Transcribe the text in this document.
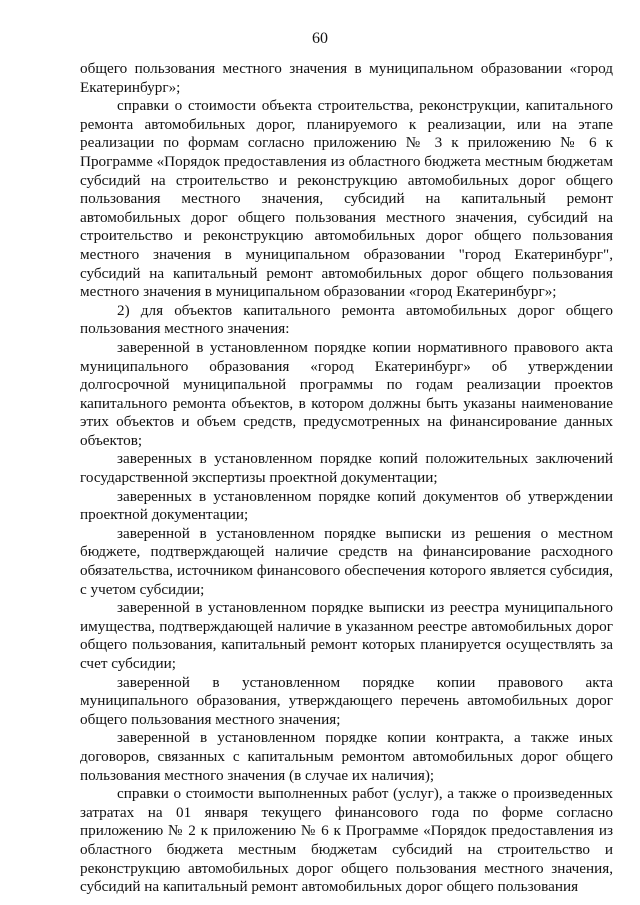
60

общего пользования местного значения в муниципальном образовании «город Екатеринбург»;

справки о стоимости объекта строительства, реконструкции, капитального ремонта автомобильных дорог, планируемого к реализации, или на этапе реализации по формам согласно приложению № 3 к приложению № 6 к Программе «Порядок предоставления из областного бюджета местным бюджетам субсидий на строительство и реконструкцию автомобильных дорог общего пользования местного значения, субсидий на капитальный ремонт автомобильных дорог общего пользования местного значения, субсидий на строительство и реконструкцию автомобильных дорог общего пользования местного значения в муниципальном образовании "город Екатеринбург", субсидий на капитальный ремонт автомобильных дорог общего пользования местного значения в муниципальном образовании «город Екатеринбург»;

2) для объектов капитального ремонта автомобильных дорог общего пользования местного значения:

заверенной в установленном порядке копии нормативного правового акта муниципального образования «город Екатеринбург» об утверждении долгосрочной муниципальной программы по годам реализации проектов капитального ремонта объектов, в котором должны быть указаны наименование этих объектов и объем средств, предусмотренных на финансирование данных объектов;

заверенных в установленном порядке копий положительных заключений государственной экспертизы проектной документации;

заверенных в установленном порядке копий документов об утверждении проектной документации;

заверенной в установленном порядке выписки из решения о местном бюджете, подтверждающей наличие средств на финансирование расходного обязательства, источником финансового обеспечения которого является субсидия, с учетом субсидии;

заверенной в установленном порядке выписки из реестра муниципального имущества, подтверждающей наличие в указанном реестре автомобильных дорог общего пользования, капитальный ремонт которых планируется осуществлять за счет субсидии;

заверенной в установленном порядке копии правового акта муниципального образования, утверждающего перечень автомобильных дорог общего пользования местного значения;

заверенной в установленном порядке копии контракта, а также иных договоров, связанных с капитальным ремонтом автомобильных дорог общего пользования местного значения (в случае их наличия);

справки о стоимости выполненных работ (услуг), а также о произведенных затратах на 01 января текущего финансового года по форме согласно приложению № 2 к приложению № 6 к Программе «Порядок предоставления из областного бюджета местным бюджетам субсидий на строительство и реконструкцию автомобильных дорог общего пользования местного значения, субсидий на капитальный ремонт автомобильных дорог общего пользования
